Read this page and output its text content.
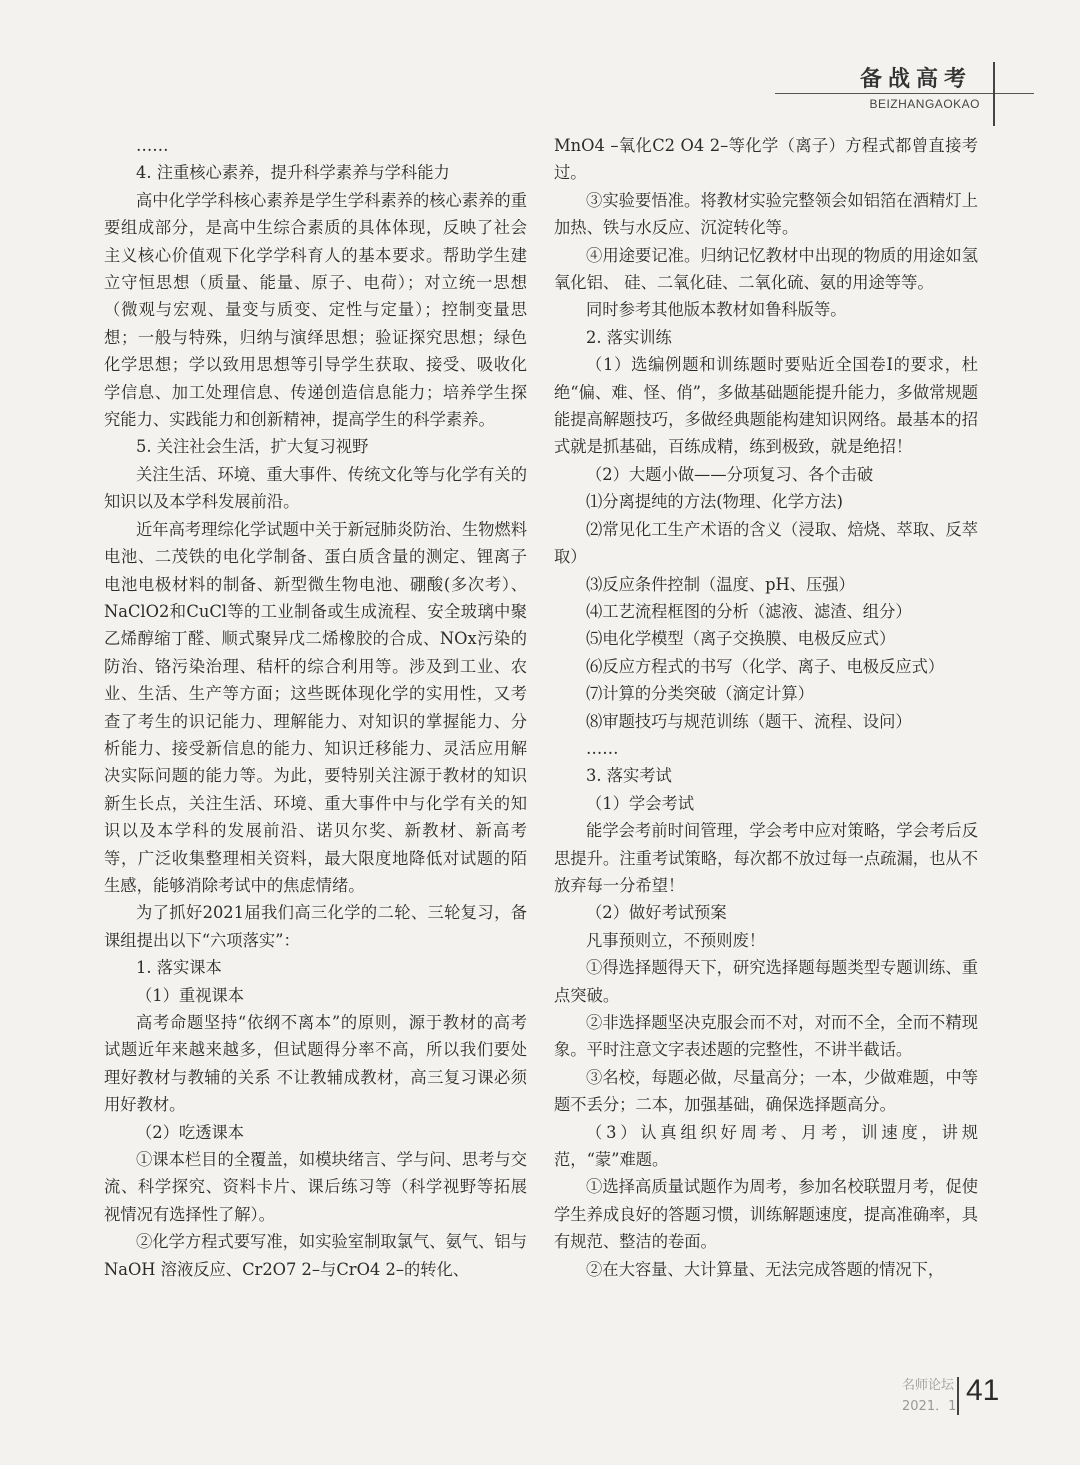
备战高考
BEIZHANGAOKAO

……

4. 注重核心素养，提升科学素养与学科能力

高中化学学科核心素养是学生学科素养的核心素养的重要组成部分，是高中生综合素质的具体体现，反映了社会主义核心价值观下化学学科育人的基本要求。帮助学生建立守恒思想（质量、能量、原子、电荷）；对立统一思想（微观与宏观、量变与质变、定性与定量）；控制变量思想；一般与特殊，归纳与演绎思想；验证探究思想；绿色化学思想；学以致用思想等引导学生获取、接受、吸收化学信息、加工处理信息、传递创造信息能力；培养学生探究能力、实践能力和创新精神，提高学生的科学素养。

5. 关注社会生活，扩大复习视野

关注生活、环境、重大事件、传统文化等与化学有关的知识以及本学科发展前沿。

近年高考理综化学试题中关于新冠肺炎防治、生物燃料电池、二茂铁的电化学制备、蛋白质含量的测定、锂离子电池电极材料的制备、新型微生物电池、硼酸(多次考）、NaClO2和CuCl等的工业制备或生成流程、安全玻璃中聚乙烯醇缩丁醛、顺式聚异戊二烯橡胶的合成、NOx污染的防治、铬污染治理、秸杆的综合利用等。涉及到工业、农业、生活、生产等方面；这些既体现化学的实用性，又考查了考生的识记能力、理解能力、对知识的掌握能力、分析能力、接受新信息的能力、知识迁移能力、灵活应用解决实际问题的能力等。为此，要特别关注源于教材的知识新生长点，关注生活、环境、重大事件中与化学有关的知识以及本学科的发展前沿、诺贝尔奖、新教材、新高考等，广泛收集整理相关资料，最大限度地降低对试题的陌生感，能够消除考试中的焦虑情绪。

为了抓好2021届我们高三化学的二轮、三轮复习，备课组提出以下“六项落实”：

1. 落实课本

（1）重视课本

高考命题坚持“依纲不离本”的原则，源于教材的高考试题近年来越来越多，但试题得分率不高，所以我们要处理好教材与教辅的关系 不让教辅成教材，高三复习课必须用好教材。

（2）吃透课本

①课本栏目的全覆盖，如模块绪言、学与问、思考与交流、科学探究、资料卡片、课后练习等（科学视野等拓展视情况有选择性了解）。

②化学方程式要写准，如实验室制取氯气、氨气、铝与NaOH 溶液反应、Cr2O7 2–与CrO4 2–的转化、

MnO4 –氧化C2 O4 2–等化学（离子）方程式都曾直接考过。

③实验要悟准。将教材实验完整领会如铝箔在酒精灯上加热、铁与水反应、沉淀转化等。

④用途要记准。归纳记忆教材中出现的物质的用途如氢氧化铝、 硅、二氧化硅、二氧化硫、氨的用途等等。

同时参考其他版本教材如鲁科版等。

2. 落实训练

（1）选编例题和训练题时要贴近全国卷Ⅰ的要求，杜绝“偏、难、怪、俏”，多做基础题能提升能力，多做常规题能提高解题技巧，多做经典题能构建知识网络。最基本的招式就是抓基础，百练成精，练到极致，就是绝招！

（2）大题小做——分项复习、各个击破

⑴分离提纯的方法(物理、化学方法)

⑵常见化工生产术语的含义（浸取、焙烧、萃取、反萃取）

⑶反应条件控制（温度、pH、压强）

⑷工艺流程框图的分析（滤液、滤渣、组分）

⑸电化学模型（离子交换膜、电极反应式）

⑹反应方程式的书写（化学、离子、电极反应式）

⑺计算的分类突破（滴定计算）

⑻审题技巧与规范训练（题干、流程、设问）

……

3. 落实考试

（1）学会考试

能学会考前时间管理，学会考中应对策略，学会考后反思提升。注重考试策略，每次都不放过每一点疏漏，也从不放弃每一分希望！

（2）做好考试预案

凡事预则立，不预则废！

①得选择题得天下，研究选择题每题类型专题训练、重点突破。

②非选择题坚决克服会而不对，对而不全，全而不精现象。平时注意文字表述题的完整性，不讲半截话。

③名校，每题必做，尽量高分；一本，少做难题，中等题不丢分；二本，加强基础，确保选择题高分。

（3）认真组织好周考、月考，训速度，讲规范，“蒙”难题。

①选择高质量试题作为周考，参加名校联盟月考，促使学生养成良好的答题习惯，训练解题速度，提高准确率，具有规范、整洁的卷面。

②在大容量、大计算量、无法完成答题的情况下，

名师论坛
2021．1 41
